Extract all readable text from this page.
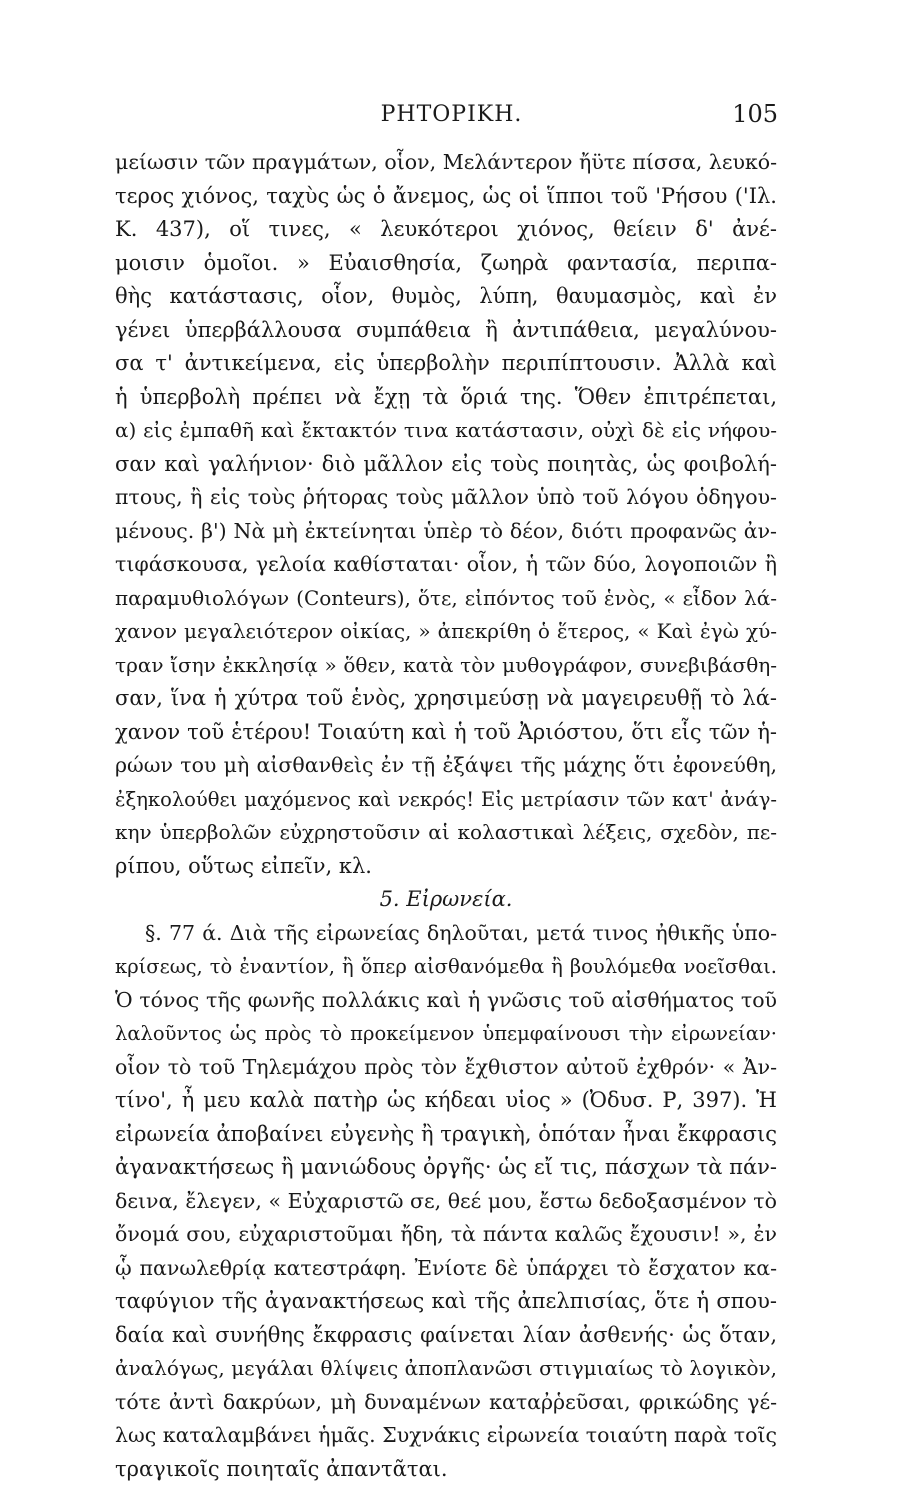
ΡΗΤΟΡΙΚΗ.	105
μείωσιν τῶν πραγμάτων, οἷον, Μελάντερον ἤϋτε πίσσα, λευκό-
τερος χιόνος, ταχὺς ὡς ὁ ἄνεμος, ὡς οἱ ἵπποι τοῦ 'Ρήσου ('Ιλ.
Κ. 437), οἵ τινες, « λευκότεροι χιόνος, θείειν δ' ἀνέ-
μοισιν ὁμοῖοι. » Εὐαισθησία, ζωηρὰ φαντασία, περιπα-
θὴς κατάστασις, οἷον, θυμὸς, λύπη, θαυμασμὸς, καὶ ἐν
γένει ὑπερβάλλουσα συμπάθεια ἢ ἀντιπάθεια, μεγαλύνου-
σα τ' ἀντικείμενα, εἰς ὑπερβολὴν περιπίπτουσιν. Ἀλλὰ καὶ
ἡ ὑπερβολὴ πρέπει νὰ ἔχῃ τὰ ὅριά της. Ὅθεν ἐπιτρέπεται,
α) εἰς ἐμπαθῆ καὶ ἔκτακτόν τινα κατάστασιν, οὐχὶ δὲ εἰς νήφου-
σαν καὶ γαλήνιον· διὸ μᾶλλον εἰς τοὺς ποιητὰς, ὡς φοιβολή-
πτους, ἢ εἰς τοὺς ῥήτορας τοὺς μᾶλλον ὑπὸ τοῦ λόγου ὁδηγου-
μένους. β') Νὰ μὴ ἐκτείνηται ὑπὲρ τὸ δέον, διότι προφανῶς ἀν-
τιφάσκουσα, γελοία καθίσταται· οἷον, ἡ τῶν δύο, λογοποιῶν ἢ
παραμυθιολόγων (Conteurs), ὅτε, εἰπόντος τοῦ ἑνὸς, « εἶδον λά-
χανον μεγαλειότερον οἰκίας, » ἀπεκρίθη ὁ ἕτερος, « Καὶ ἐγὼ χύ-
τραν ἴσην ἐκκλησίᾳ » ὅθεν, κατὰ τὸν μυθογράφον, συνεβιβάσθη-
σαν, ἵνα ἡ χύτρα τοῦ ἑνὸς, χρησιμεύσῃ νὰ μαγειρευθῇ τὸ λά-
χανον τοῦ ἑτέρου! Τοιαύτη καὶ ἡ τοῦ Ἀριόστου, ὅτι εἷς τῶν ἡ-
ρώων του μὴ αἰσθανθεὶς ἐν τῇ ἐξάψει τῆς μάχης ὅτι ἐφονεύθη,
ἐξηκολούθει μαχόμενος καὶ νεκρός! Εἰς μετρίασιν τῶν κατ' ἀνάγ-
κην ὑπερβολῶν εὐχρηστοῦσιν αἱ κολαστικαὶ λέξεις, σχεδὸν, πε-
ρίπου, οὕτως εἰπεῖν, κλ.
5. Εἰρωνεία.
§. 77 ά. Διὰ τῆς εἰρωνείας δηλοῦται, μετά τινος ἠθικῆς ὑπο-
κρίσεως, τὸ ἐναντίον, ἢ ὅπερ αἰσθανόμεθα ἢ βουλόμεθα νοεῖσθαι.
Ὁ τόνος τῆς φωνῆς πολλάκις καὶ ἡ γνῶσις τοῦ αἰσθήματος τοῦ
λαλοῦντος ὡς πρὸς τὸ προκείμενον ὑπεμφαίνουσι τὴν εἰρωνείαν·
οἷον τὸ τοῦ Τηλεμάχου πρὸς τὸν ἔχθιστον αὐτοῦ ἐχθρόν· « Ἀν-
τίνο', ἦ μευ καλὰ πατὴρ ὡς κήδεαι υἱος » (Ὀδυσ. Ρ, 397). Ἡ
εἰρωνεία ἀποβαίνει εὐγενὴς ἢ τραγικὴ, ὁπόταν ἦναι ἔκφρασις
ἀγανακτήσεως ἢ μανιώδους ὀργῆς· ὡς εἴ τις, πάσχων τὰ πάν-
δεινα, ἔλεγεν, « Εὐχαριστῶ σε, θεέ μου, ἔστω δεδοξασμένον τὸ
ὄνομά σου, εὐχαριστοῦμαι ἤδη, τὰ πάντα καλῶς ἔχουσιν! », ἐν
ᾧ πανωλεθρίᾳ κατεστράφη. Ἐνίοτε δὲ ὑπάρχει τὸ ἔσχατον κα-
ταφύγιον τῆς ἀγανακτήσεως καὶ τῆς ἀπελπισίας, ὅτε ἡ σπου-
δαία καὶ συνήθης ἔκφρασις φαίνεται λίαν ἀσθενής· ὡς ὅταν,
ἀναλόγως, μεγάλαι θλίψεις ἀποπλανῶσι στιγμιαίως τὸ λογικὸν,
τότε ἀντὶ δακρύων, μὴ δυναμένων καταῤῥεῦσαι, φρικώδης γέ-
λως καταλαμβάνει ἡμᾶς. Συχνάκις εἰρωνεία τοιαύτη παρὰ τοῖς
τραγικοῖς ποιηταῖς ἀπαντᾶται.
